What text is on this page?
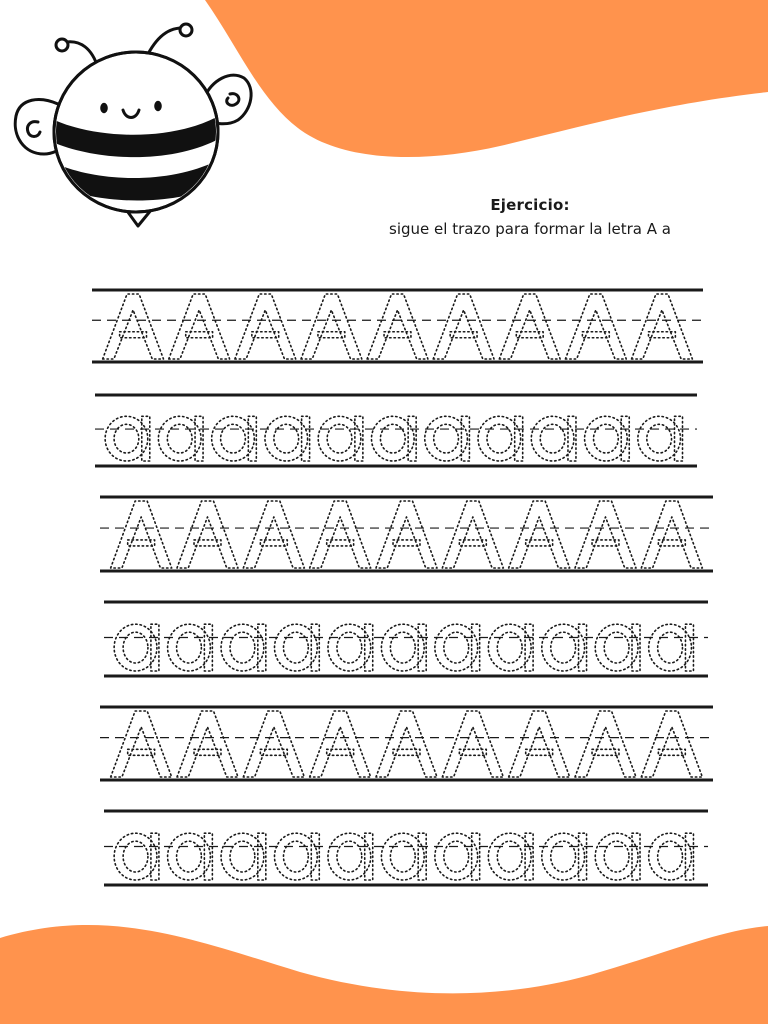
Ejercicio:
sigue el trazo para formar la letra A a
